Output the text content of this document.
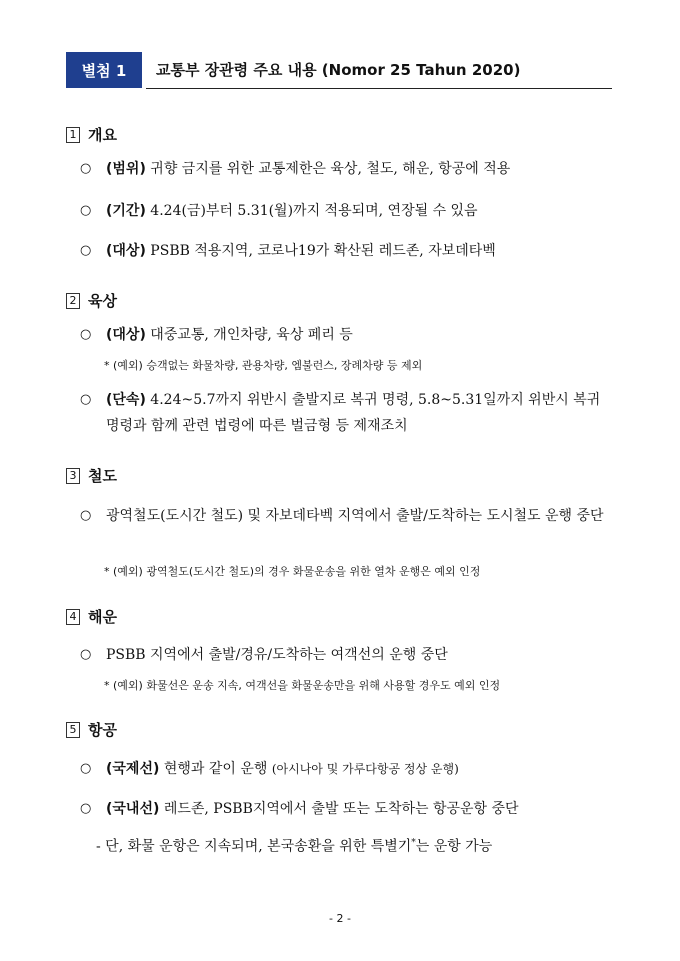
별첨 1	교통부 장관령 주요 내용 (Nomor 25 Tahun 2020)
1 개요
○	(범위) 귀향 금지를 위한 교통제한은 육상, 철도, 해운, 항공에 적용
○	(기간) 4.24(금)부터 5.31(월)까지 적용되며, 연장될 수 있음
○	(대상) PSBB 적용지역, 코로나19가 확산된 레드존, 자보데타벡
2 육상
○	(대상) 대중교통, 개인차량, 육상 페리 등
* (예외) 승객없는 화물차량, 관용차량, 엠불런스, 장례차량 등 제외
○	(단속) 4.24~5.7까지 위반시 출발지로 복귀 명령, 5.8~5.31일까지 위반시 복귀 명령과 함께 관련 법령에 따른 벌금형 등 제재조치
3 철도
○	광역철도(도시간 철도) 및 자보데타벡 지역에서 출발/도착하는 도시철도 운행 중단
* (예외) 광역철도(도시간 철도)의 경우 화물운송을 위한 열차 운행은 예외 인정
4 해운
○	PSBB 지역에서 출발/경유/도착하는 여객선의 운행 중단
* (예외) 화물선은 운송 지속, 여객선을 화물운송만을 위해 사용할 경우도 예외 인정
5 항공
○	(국제선) 현행과 같이 운행 (아시나아 및 가루다항공 정상 운행)
○	(국내선) 레드존, PSBB지역에서 출발 또는 도착하는 항공운항 중단
- 단, 화물 운항은 지속되며, 본국송환을 위한 특별기*는 운항 가능
- 2 -
